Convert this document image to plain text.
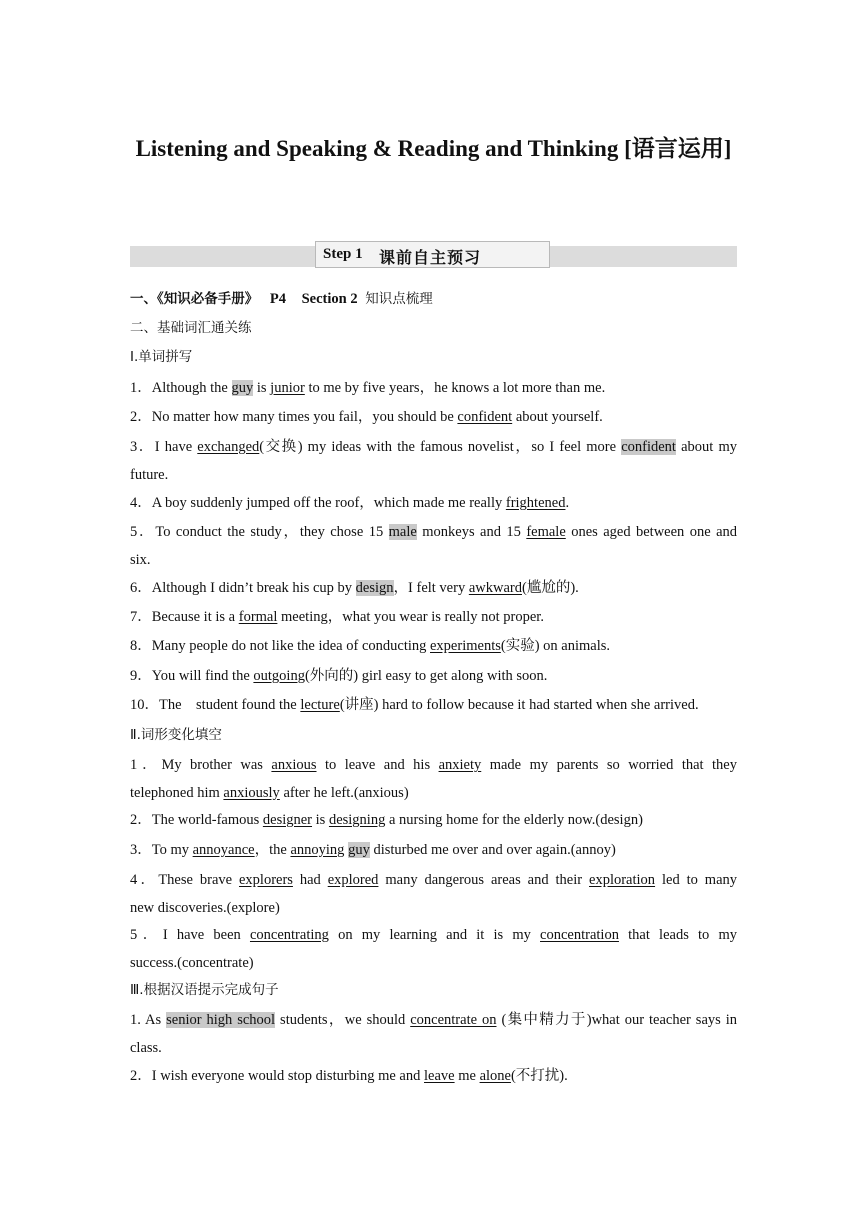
Listening and Speaking & Reading and Thinking [语言运用]
Step 1 课前自主预习
一、《知识必备手册》 P4 Section 2 知识点梳理
二、基础词汇通关练
Ⅰ.单词拼写
1．Although the guy is junior to me by five years，he knows a lot more than me.
2．No matter how many times you fail，you should be confident about yourself.
3．I have exchanged(交换) my ideas with the famous novelist，so I feel more confident about my
future.
4．A boy suddenly jumped off the roof，which made me really frightened.
5．To conduct the study，they chose 15 male monkeys and 15 female ones aged between one and
six.
6．Although I didn’t break his cup by design，I felt very awkward(尴尬的).
7．Because it is a formal meeting，what you wear is really not proper.
8．Many people do not like the idea of conducting experiments(实验) on animals.
9．You will find the outgoing(外向的) girl easy to get along with soon.
10．The    student found the lecture(讲座) hard to follow because it had started when she arrived.
Ⅱ.词形变化填空
1．My brother was anxious to leave and his anxiety made my parents so worried that they
telephoned him anxiously after he left.(anxious)
2．The world-famous designer is designing a nursing home for the elderly now.(design)
3．To my annoyance，the annoying guy disturbed me over and over again.(annoy)
4．These brave explorers had explored many dangerous areas and their exploration led to many
new discoveries.(explore)
5．I have been concentrating on my learning and it is my concentration that leads to my
success.(concentrate)
Ⅲ.根据汉语提示完成句子
1. As senior high school students，we should concentrate on (集中精力于)what our teacher says in
class.
2．I wish everyone would stop disturbing me and leave me alone(不打扰).
